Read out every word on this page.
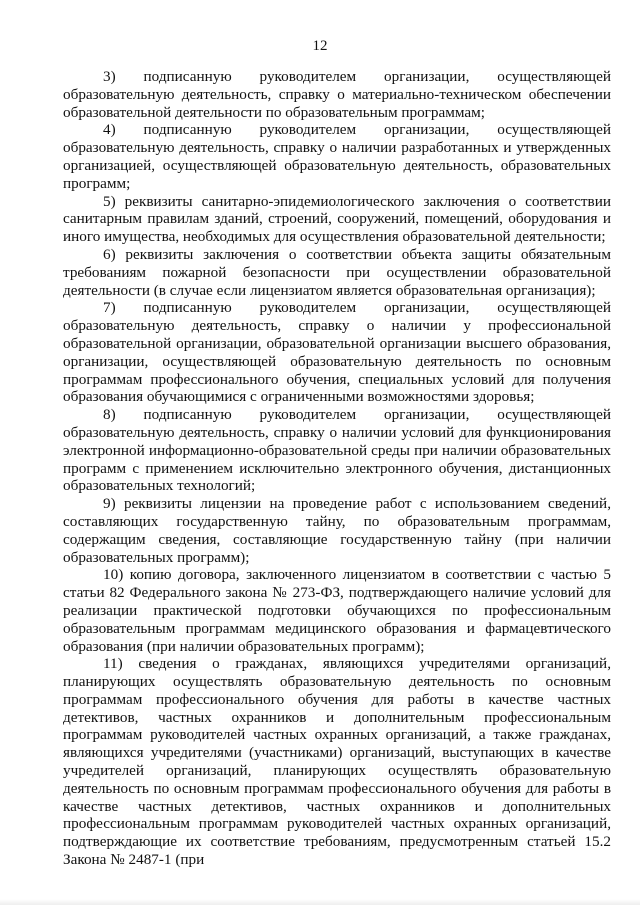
12

3) подписанную руководителем организации, осуществляющей образовательную деятельность, справку о материально-техническом обеспечении образовательной деятельности по образовательным программам;

4) подписанную руководителем организации, осуществляющей образовательную деятельность, справку о наличии разработанных и утвержденных организацией, осуществляющей образовательную деятельность, образовательных программ;

5) реквизиты санитарно-эпидемиологического заключения о соответствии санитарным правилам зданий, строений, сооружений, помещений, оборудования и иного имущества, необходимых для осуществления образовательной деятельности;

6) реквизиты заключения о соответствии объекта защиты обязательным требованиям пожарной безопасности при осуществлении образовательной деятельности (в случае если лицензиатом является образовательная организация);

7) подписанную руководителем организации, осуществляющей образовательную деятельность, справку о наличии у профессиональной образовательной организации, образовательной организации высшего образования, организации, осуществляющей образовательную деятельность по основным программам профессионального обучения, специальных условий для получения образования обучающимися с ограниченными возможностями здоровья;

8) подписанную руководителем организации, осуществляющей образовательную деятельность, справку о наличии условий для функционирования электронной информационно-образовательной среды при наличии образовательных программ с применением исключительно электронного обучения, дистанционных образовательных технологий;

9) реквизиты лицензии на проведение работ с использованием сведений, составляющих государственную тайну, по образовательным программам, содержащим сведения, составляющие государственную тайну (при наличии образовательных программ);

10) копию договора, заключенного лицензиатом в соответствии с частью 5 статьи 82 Федерального закона № 273-ФЗ, подтверждающего наличие условий для реализации практической подготовки обучающихся по профессиональным образовательным программам медицинского образования и фармацевтического образования (при наличии образовательных программ);

11) сведения о гражданах, являющихся учредителями организаций, планирующих осуществлять образовательную деятельность по основным программам профессионального обучения для работы в качестве частных детективов, частных охранников и дополнительным профессиональным программам руководителей частных охранных организаций, а также гражданах, являющихся учредителями (участниками) организаций, выступающих в качестве учредителей организаций, планирующих осуществлять образовательную деятельность по основным программам профессионального обучения для работы в качестве частных детективов, частных охранников и дополнительных профессиональным программам руководителей частных охранных организаций, подтверждающие их соответствие требованиям, предусмотренным статьей 15.2 Закона № 2487-1 (при
